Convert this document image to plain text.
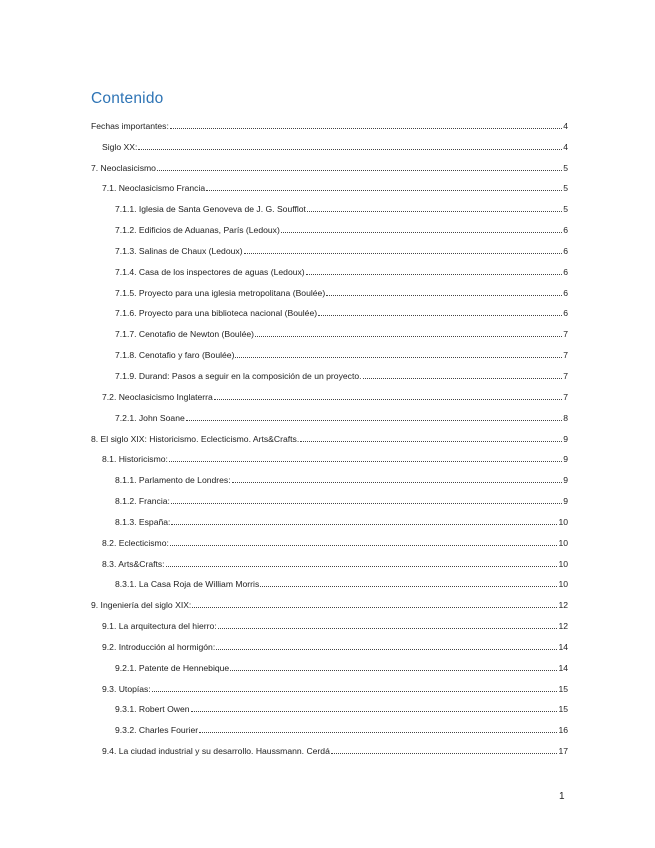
Contenido
Fechas importantes:	4
Siglo XX:	4
7. Neoclasicismo	5
7.1. Neoclasicismo Francia	5
7.1.1. Iglesia de Santa Genoveva de J. G. Soufflot	5
7.1.2. Edificios de Aduanas, París (Ledoux)	6
7.1.3. Salinas de Chaux (Ledoux)	6
7.1.4. Casa de los inspectores de aguas (Ledoux)	6
7.1.5. Proyecto para una iglesia metropolitana (Boulée)	6
7.1.6. Proyecto para una biblioteca nacional (Boulée)	6
7.1.7. Cenotafio de Newton (Boulée)	7
7.1.8. Cenotafio y faro (Boulée)	7
7.1.9. Durand: Pasos a seguir en la composición de un proyecto.	7
7.2. Neoclasicismo Inglaterra	7
7.2.1. John Soane	8
8. El siglo XIX: Historicismo. Eclecticismo. Arts&Crafts.	9
8.1. Historicismo:	9
8.1.1. Parlamento de Londres:	9
8.1.2. Francia:	9
8.1.3. España:	10
8.2. Eclecticismo:	10
8.3. Arts&Crafts:	10
8.3.1. La Casa Roja de William Morris	10
9. Ingeniería del siglo XIX:	12
9.1. La arquitectura del hierro:	12
9.2. Introducción al hormigón:	14
9.2.1. Patente de Hennebique	14
9.3. Utopías:	15
9.3.1. Robert Owen	15
9.3.2. Charles Fourier	16
9.4. La ciudad industrial y su desarrollo. Haussmann. Cerdá	17
1
